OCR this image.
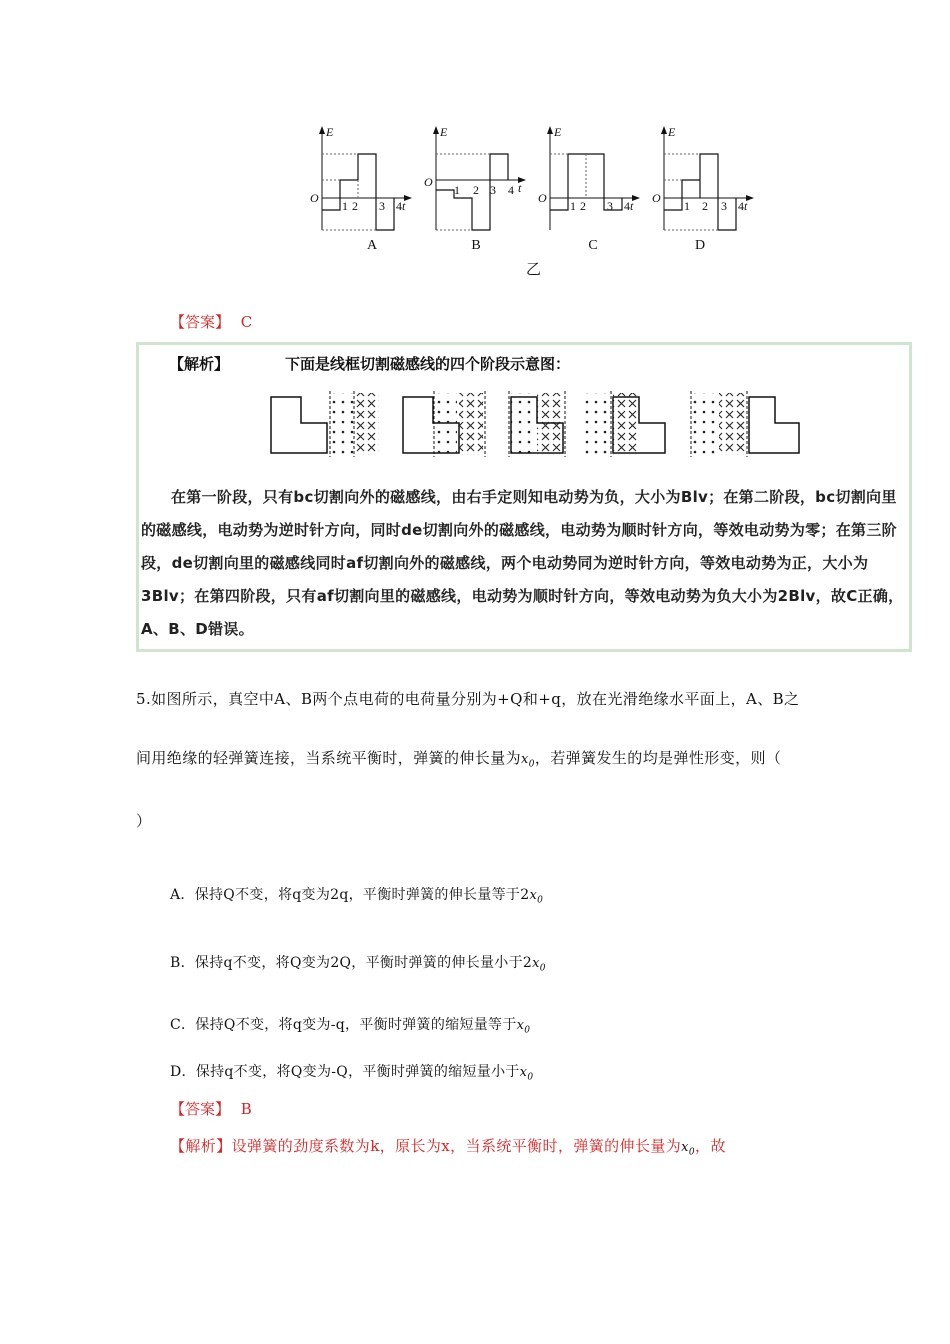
E
t
O
1 2 3 4
E
t
O
1 2 3 4
E
t
O
1 2 3 4
E
t
O
1 2 3 4
A	B	C	D
乙
【答案】 C
【解析】	下面是线框切割磁感线的四个阶段示意图：
在第一阶段，只有bc切割向外的磁感线，由右手定则知电动势为负，大小为Blv；在第二阶段，bc切割向里的磁感线，电动势为逆时针方向，同时de切割向外的磁感线，电动势为顺时针方向，等效电动势为零；在第三阶段，de切割向里的磁感线同时af切割向外的磁感线，两个电动势同为逆时针方向，等效电动势为正，大小为3Blv；在第四阶段，只有af切割向里的磁感线，电动势为顺时针方向，等效电动势为负大小为2Blv，故C正确，A、B、D错误。
5.如图所示，真空中A、B两个点电荷的电荷量分别为+Q和+q，放在光滑绝缘水平面上，A、B之
间用绝缘的轻弹簧连接，当系统平衡时，弹簧的伸长量为$x_0$，若弹簧发生的均是弹性形变，则（
）
A．保持Q不变，将q变为2q，平衡时弹簧的伸长量等于$2x_0$
B．保持q不变，将Q变为2Q，平衡时弹簧的伸长量小于$2x_0$
C．保持Q不变，将q变为-q，平衡时弹簧的缩短量等于$x_0$
D．保持q不变，将Q变为-Q，平衡时弹簧的缩短量小于$x_0$
【答案】 B
【解析】设弹簧的劲度系数为k，原长为x，当系统平衡时，弹簧的伸长量为$x_0$，故
